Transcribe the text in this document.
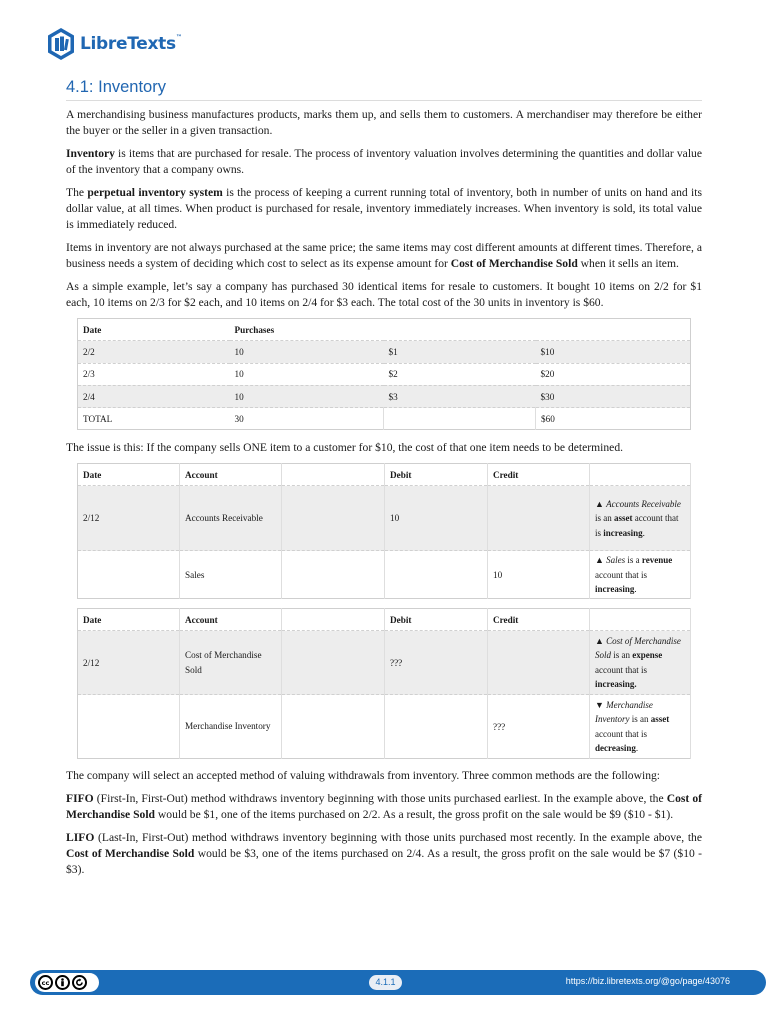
LibreTexts™
4.1: Inventory

A merchandising business manufactures products, marks them up, and sells them to customers. A merchandiser may therefore be either the buyer or the seller in a given transaction.

Inventory is items that are purchased for resale. The process of inventory valuation involves determining the quantities and dollar value of the inventory that a company owns.

The perpetual inventory system is the process of keeping a current running total of inventory, both in number of units on hand and its dollar value, at all times. When product is purchased for resale, inventory immediately increases. When inventory is sold, its total value is immediately reduced.

Items in inventory are not always purchased at the same price; the same items may cost different amounts at different times. Therefore, a business needs a system of deciding which cost to select as its expense amount for Cost of Merchandise Sold when it sells an item.

As a simple example, let’s say a company has purchased 30 identical items for resale to customers. It bought 10 items on 2/2 for $1 each, 10 items on 2/3 for $2 each, and 10 items on 2/4 for $3 each. The total cost of the 30 units in inventory is $60.

Date	Purchases		
2/2	10	$1	$10
2/3	10	$2	$20
2/4	10	$3	$30
TOTAL	30		$60

The issue is this: If the company sells ONE item to a customer for $10, the cost of that one item needs to be determined.

Date	Account		Debit	Credit	
2/12	Accounts Receivable		10		▲ Accounts Receivable is an asset account that is increasing.
	Sales			10	▲ Sales is a revenue account that is increasing.
Date	Account		Debit	Credit	
2/12	Cost of Merchandise Sold		???		▲ Cost of Merchandise Sold is an expense account that is increasing.
	Merchandise Inventory			???	▼ Merchandise Inventory is an asset account that is decreasing.

The company will select an accepted method of valuing withdrawals from inventory. Three common methods are the following:

FIFO (First-In, First-Out) method withdraws inventory beginning with those units purchased earliest. In the example above, the Cost of Merchandise Sold would be $1, one of the items purchased on 2/2. As a result, the gross profit on the sale would be $9 ($10 - $1).

LIFO (Last-In, First-Out) method withdraws inventory beginning with those units purchased most recently. In the example above, the Cost of Merchandise Sold would be $3, one of the items purchased on 2/4. As a result, the gross profit on the sale would be $7 ($10 - $3).

cc	4.1.1	https://biz.libretexts.org/@go/page/43076
